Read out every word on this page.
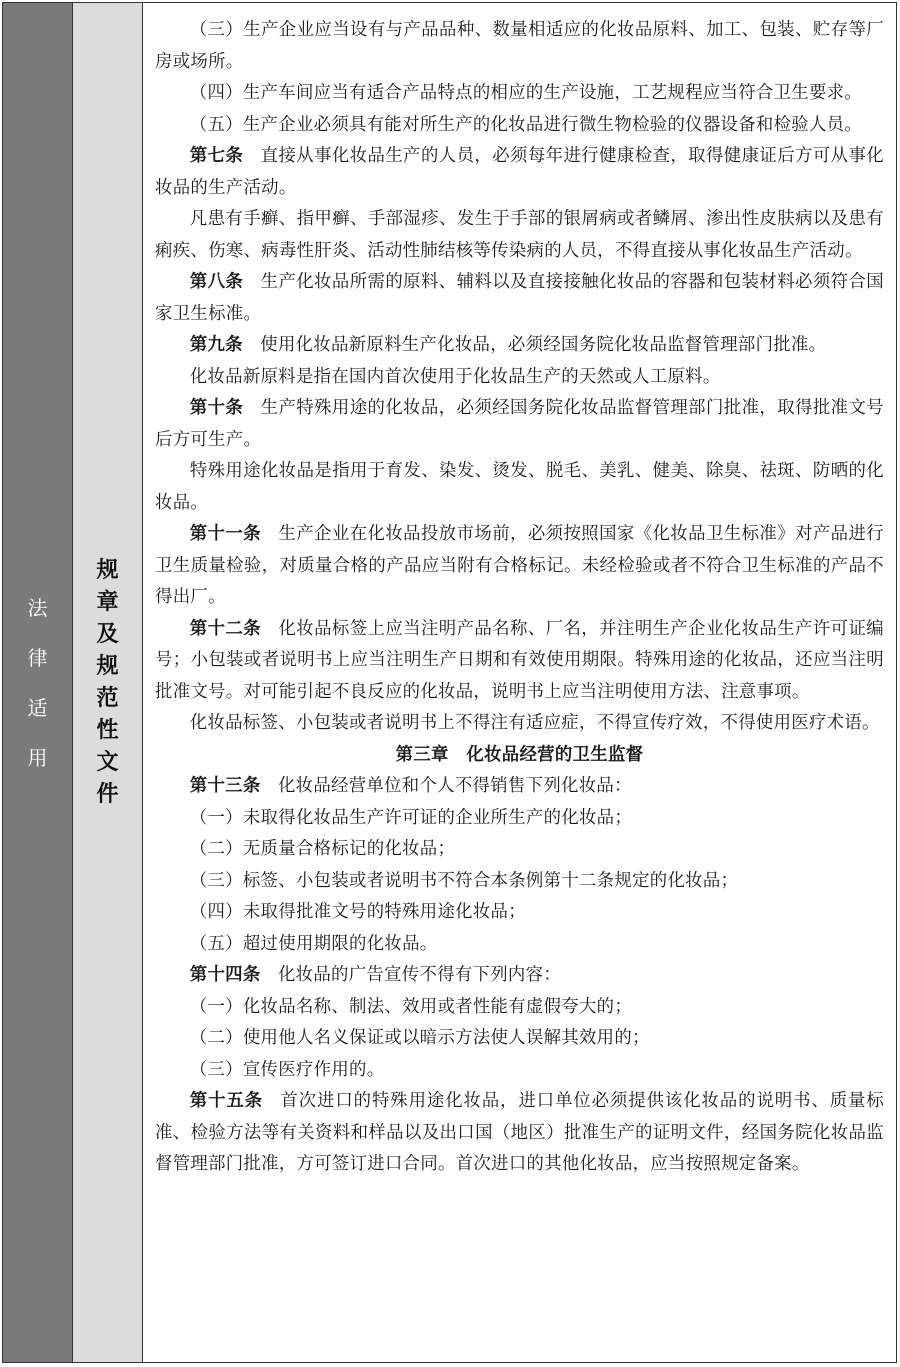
法
律
适
用
规
章
及
规
范
性
文
件

（三）生产企业应当设有与产品品种、数量相适应的化妆品原料、加工、包装、贮存等厂房或场所。

（四）生产车间应当有适合产品特点的相应的生产设施，工艺规程应当符合卫生要求。

（五）生产企业必须具有能对所生产的化妆品进行微生物检验的仪器设备和检验人员。

第七条 直接从事化妆品生产的人员，必须每年进行健康检查，取得健康证后方可从事化妆品的生产活动。

凡患有手癣、指甲癣、手部湿疹、发生于手部的银屑病或者鳞屑、渗出性皮肤病以及患有痢疾、伤寒、病毒性肝炎、活动性肺结核等传染病的人员，不得直接从事化妆品生产活动。

第八条 生产化妆品所需的原料、辅料以及直接接触化妆品的容器和包装材料必须符合国家卫生标准。

第九条 使用化妆品新原料生产化妆品，必须经国务院化妆品监督管理部门批准。

化妆品新原料是指在国内首次使用于化妆品生产的天然或人工原料。

第十条 生产特殊用途的化妆品，必须经国务院化妆品监督管理部门批准，取得批准文号后方可生产。

特殊用途化妆品是指用于育发、染发、烫发、脱毛、美乳、健美、除臭、祛斑、防晒的化妆品。

第十一条 生产企业在化妆品投放市场前，必须按照国家《化妆品卫生标准》对产品进行卫生质量检验，对质量合格的产品应当附有合格标记。未经检验或者不符合卫生标准的产品不得出厂。

第十二条 化妆品标签上应当注明产品名称、厂名，并注明生产企业化妆品生产许可证编号；小包装或者说明书上应当注明生产日期和有效使用期限。特殊用途的化妆品，还应当注明批准文号。对可能引起不良反应的化妆品，说明书上应当注明使用方法、注意事项。

化妆品标签、小包装或者说明书上不得注有适应症，不得宣传疗效，不得使用医疗术语。

第三章　化妆品经营的卫生监督

第十三条 化妆品经营单位和个人不得销售下列化妆品：

（一）未取得化妆品生产许可证的企业所生产的化妆品；

（二）无质量合格标记的化妆品；

（三）标签、小包装或者说明书不符合本条例第十二条规定的化妆品；

（四）未取得批准文号的特殊用途化妆品；

（五）超过使用期限的化妆品。

第十四条 化妆品的广告宣传不得有下列内容：

（一）化妆品名称、制法、效用或者性能有虚假夸大的；

（二）使用他人名义保证或以暗示方法使人误解其效用的；

（三）宣传医疗作用的。

第十五条 首次进口的特殊用途化妆品，进口单位必须提供该化妆品的说明书、质量标准、检验方法等有关资料和样品以及出口国（地区）批准生产的证明文件，经国务院化妆品监督管理部门批准，方可签订进口合同。首次进口的其他化妆品，应当按照规定备案。
